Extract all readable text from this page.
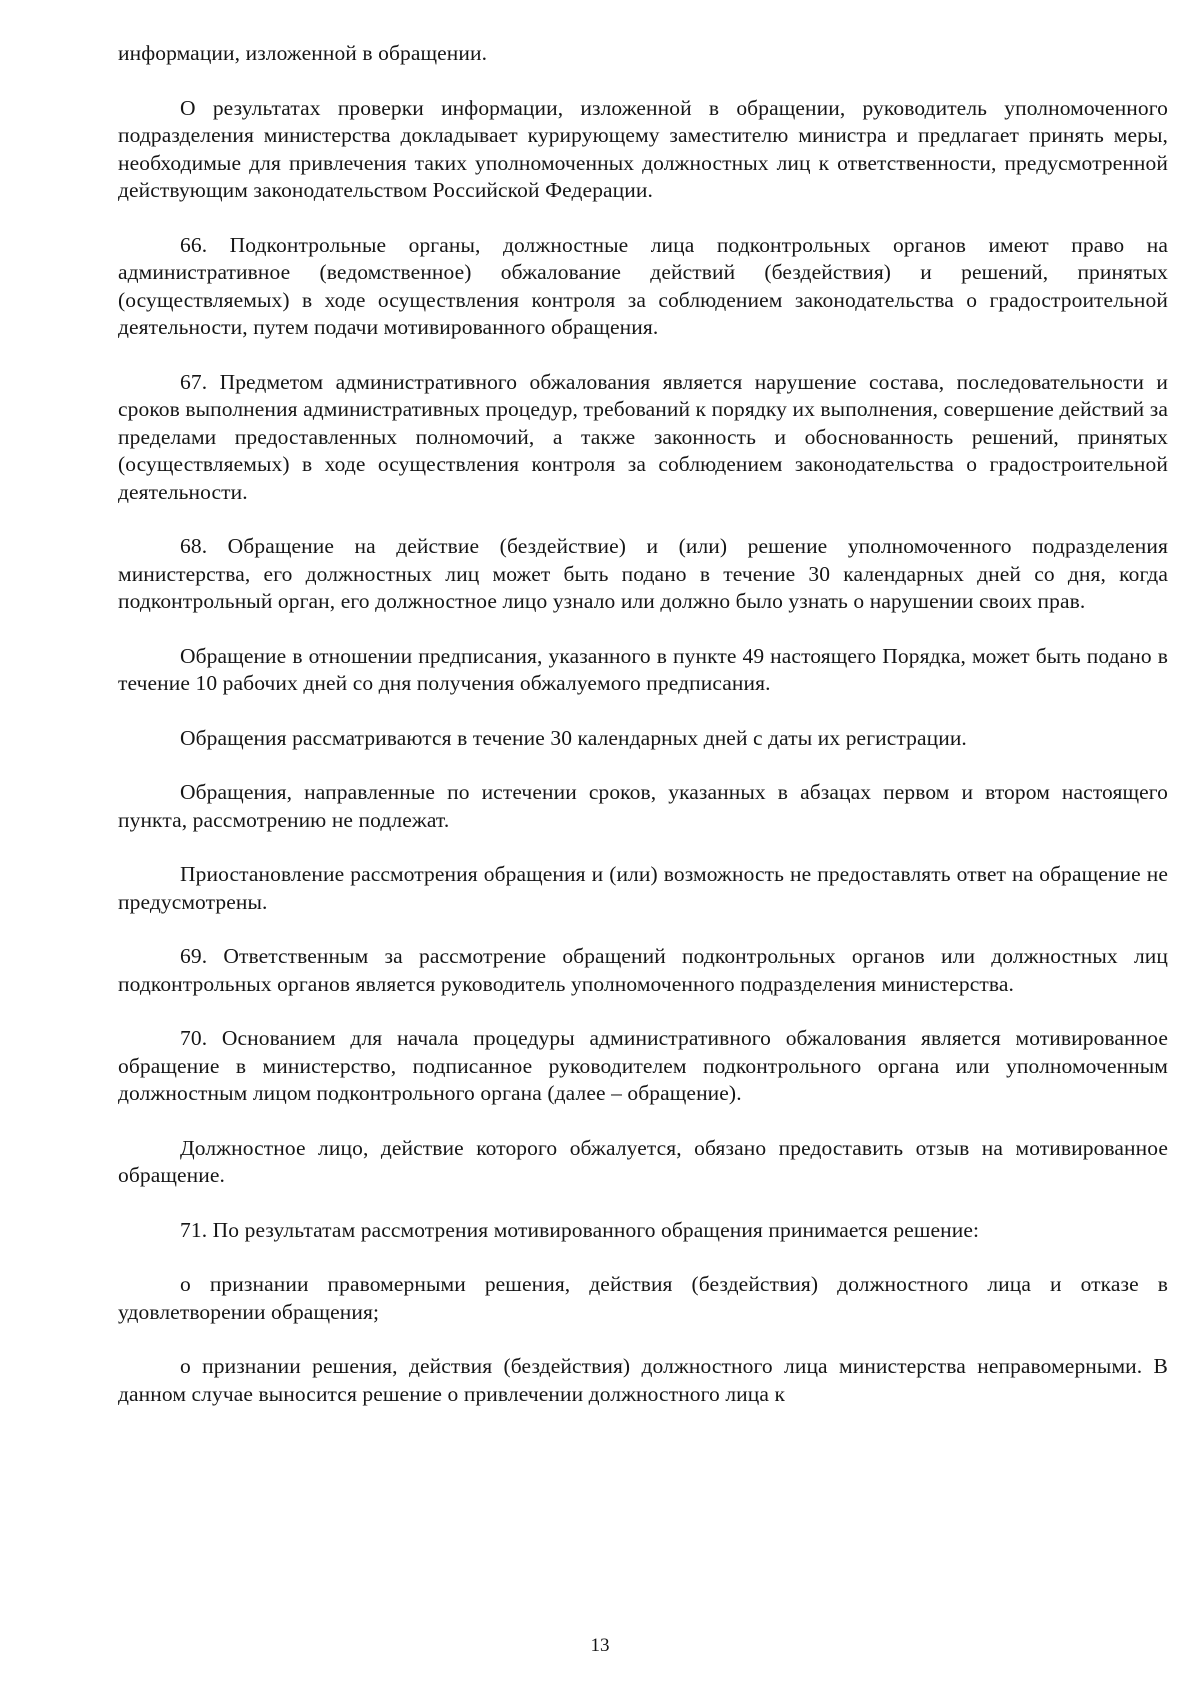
информации, изложенной в обращении.

О результатах проверки информации, изложенной в обращении, руководитель уполномоченного подразделения министерства докладывает курирующему заместителю министра и предлагает принять меры, необходимые для привлечения таких уполномоченных должностных лиц к ответственности, предусмотренной действующим законодательством Российской Федерации.

66. Подконтрольные органы, должностные лица подконтрольных органов имеют право на административное (ведомственное) обжалование действий (бездействия) и решений, принятых (осуществляемых) в ходе осуществления контроля за соблюдением законодательства о градостроительной деятельности, путем подачи мотивированного обращения.

67. Предметом административного обжалования является нарушение состава, последовательности и сроков выполнения административных процедур, требований к порядку их выполнения, совершение действий за пределами предоставленных полномочий, а также законность и обоснованность решений, принятых (осуществляемых) в ходе осуществления контроля за соблюдением законодательства о градостроительной деятельности.

68. Обращение на действие (бездействие) и (или) решение уполномоченного подразделения министерства, его должностных лиц может быть подано в течение 30 календарных дней со дня, когда подконтрольный орган, его должностное лицо узнало или должно было узнать о нарушении своих прав.

Обращение в отношении предписания, указанного в пункте 49 настоящего Порядка, может быть подано в течение 10 рабочих дней со дня получения обжалуемого предписания.

Обращения рассматриваются в течение 30 календарных дней с даты их регистрации.

Обращения, направленные по истечении сроков, указанных в абзацах первом и втором настоящего пункта, рассмотрению не подлежат.

Приостановление рассмотрения обращения и (или) возможность не предоставлять ответ на обращение не предусмотрены.

69. Ответственным за рассмотрение обращений подконтрольных органов или должностных лиц подконтрольных органов является руководитель уполномоченного подразделения министерства.

70. Основанием для начала процедуры административного обжалования является мотивированное обращение в министерство, подписанное руководителем подконтрольного органа или уполномоченным должностным лицом подконтрольного органа (далее – обращение).

Должностное лицо, действие которого обжалуется, обязано предоставить отзыв на мотивированное обращение.

71. По результатам рассмотрения мотивированного обращения принимается решение:

о признании правомерными решения, действия (бездействия) должностного лица и отказе в удовлетворении обращения;

о признании решения, действия (бездействия) должностного лица министерства неправомерными. В данном случае выносится решение о привлечении должностного лица к

13
